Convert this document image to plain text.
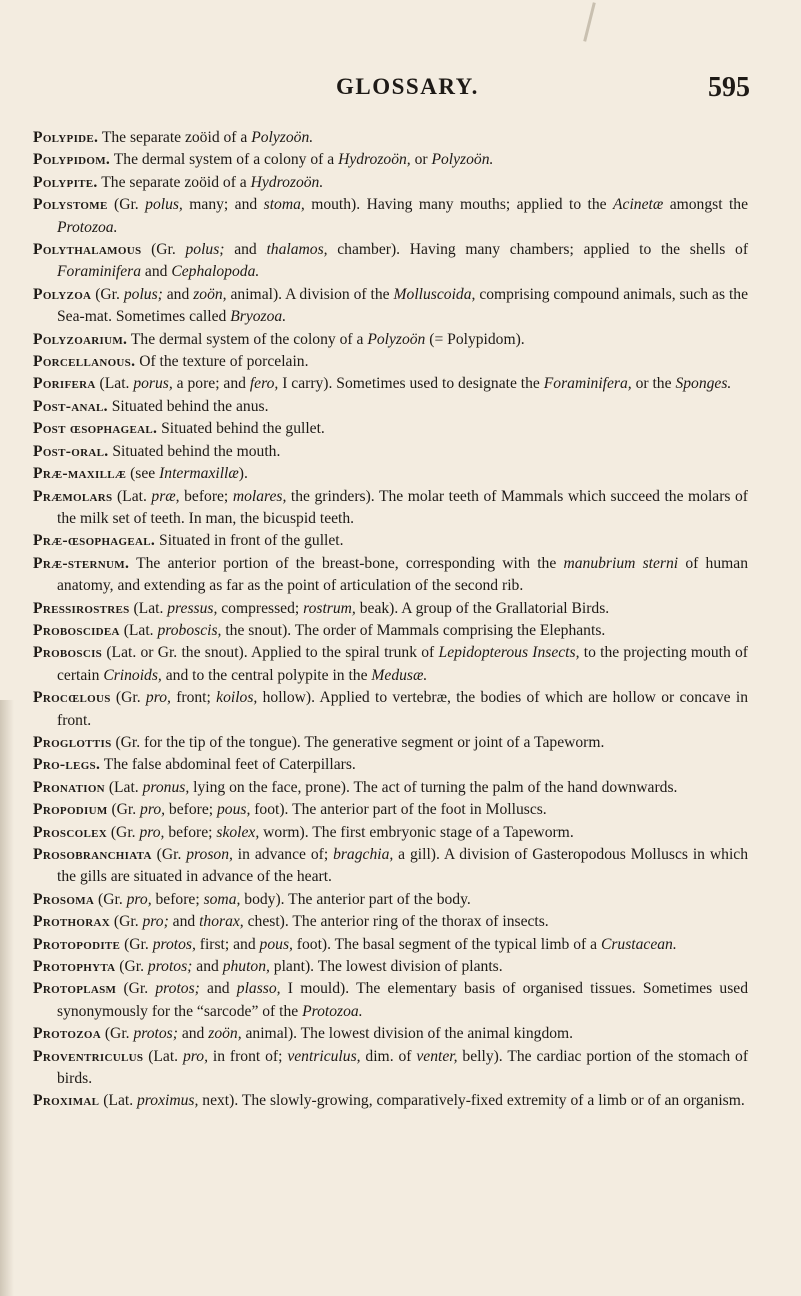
GLOSSARY.	595

Polypide. The separate zoöid of a Polyzoön.

Polypidom. The dermal system of a colony of a Hydrozoön, or Polyzoön.

Polypite. The separate zoöid of a Hydrozoön.

Polystome (Gr. polus, many; and stoma, mouth). Having many mouths; applied to the Acinetæ amongst the Protozoa.

Polythalamous (Gr. polus; and thalamos, chamber). Having many chambers; applied to the shells of Foraminifera and Cephalopoda.

Polyzoa (Gr. polus; and zoön, animal). A division of the Molluscoida, comprising compound animals, such as the Sea-mat. Sometimes called Bryozoa.

Polyzoarium. The dermal system of the colony of a Polyzoön (= Polypidom).

Porcellanous. Of the texture of porcelain.

Porifera (Lat. porus, a pore; and fero, I carry). Sometimes used to designate the Foraminifera, or the Sponges.

Post-anal. Situated behind the anus.

Post œsophageal. Situated behind the gullet.

Post-oral. Situated behind the mouth.

Præ-maxillæ (see Intermaxillæ).

Præmolars (Lat. præ, before; molares, the grinders). The molar teeth of Mammals which succeed the molars of the milk set of teeth. In man, the bicuspid teeth.

Præ-œsophageal. Situated in front of the gullet.

Præ-sternum. The anterior portion of the breast-bone, corresponding with the manubrium sterni of human anatomy, and extending as far as the point of articulation of the second rib.

Pressirostres (Lat. pressus, compressed; rostrum, beak). A group of the Grallatorial Birds.

Proboscidea (Lat. proboscis, the snout). The order of Mammals comprising the Elephants.

Proboscis (Lat. or Gr. the snout). Applied to the spiral trunk of Lepidopterous Insects, to the projecting mouth of certain Crinoids, and to the central polypite in the Medusæ.

Procœlous (Gr. pro, front; koilos, hollow). Applied to vertebræ, the bodies of which are hollow or concave in front.

Proglottis (Gr. for the tip of the tongue). The generative segment or joint of a Tapeworm.

Pro-legs. The false abdominal feet of Caterpillars.

Pronation (Lat. pronus, lying on the face, prone). The act of turning the palm of the hand downwards.

Propodium (Gr. pro, before; pous, foot). The anterior part of the foot in Molluscs.

Proscolex (Gr. pro, before; skolex, worm). The first embryonic stage of a Tapeworm.

Prosobranchiata (Gr. proson, in advance of; bragchia, a gill). A division of Gasteropodous Molluscs in which the gills are situated in advance of the heart.

Prosoma (Gr. pro, before; soma, body). The anterior part of the body.

Prothorax (Gr. pro; and thorax, chest). The anterior ring of the thorax of insects.

Protopodite (Gr. protos, first; and pous, foot). The basal segment of the typical limb of a Crustacean.

Protophyta (Gr. protos; and phuton, plant). The lowest division of plants.

Protoplasm (Gr. protos; and plasso, I mould). The elementary basis of organised tissues. Sometimes used synonymously for the “sarcode” of the Protozoa.

Protozoa (Gr. protos; and zoön, animal). The lowest division of the animal kingdom.

Proventriculus (Lat. pro, in front of; ventriculus, dim. of venter, belly). The cardiac portion of the stomach of birds.

Proximal (Lat. proximus, next). The slowly-growing, comparatively-fixed extremity of a limb or of an organism.
